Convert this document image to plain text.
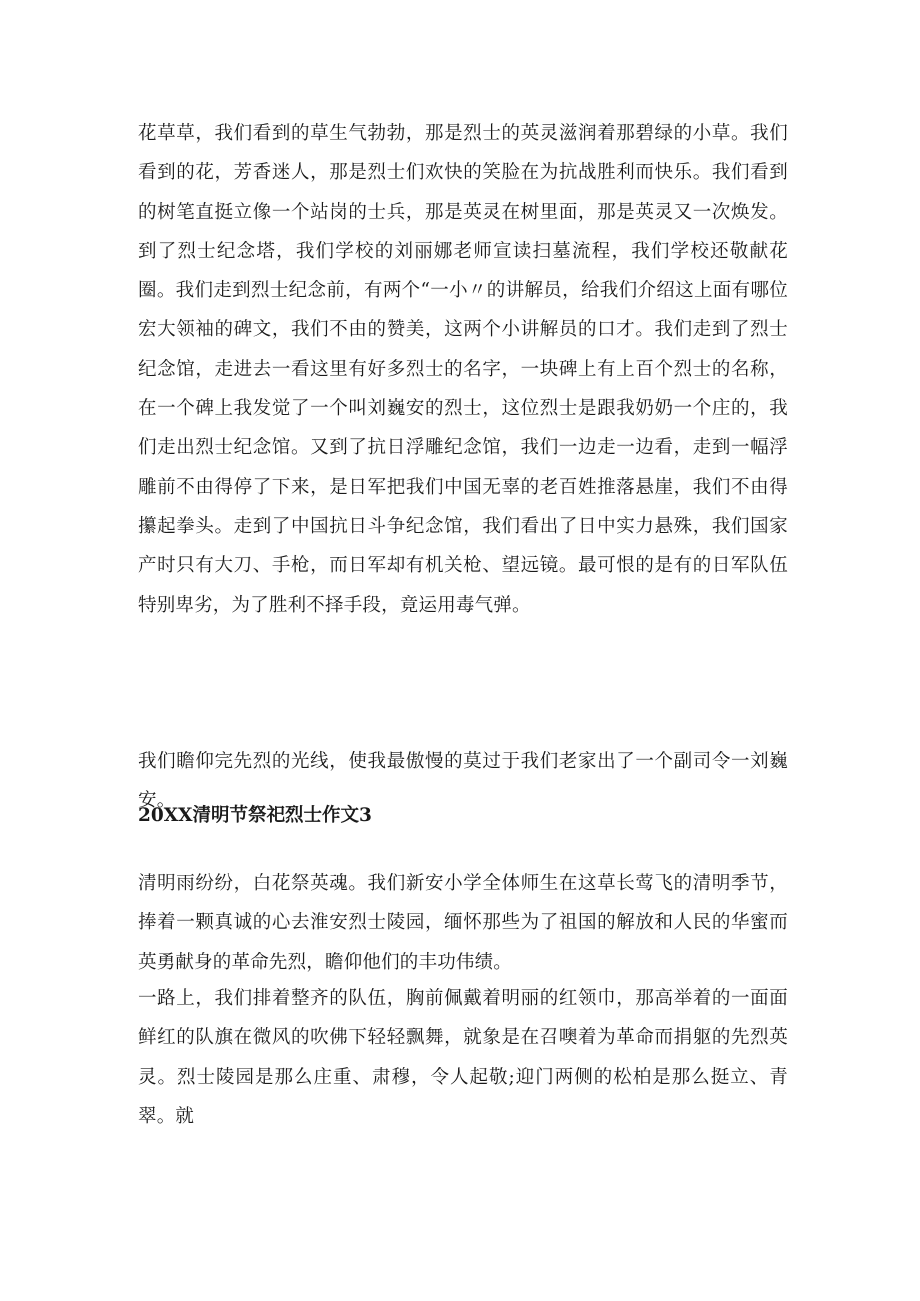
花草草，我们看到的草生气勃勃，那是烈士的英灵滋润着那碧绿的小草。我们看到的花，芳香迷人，那是烈士们欢快的笑脸在为抗战胜利而快乐。我们看到的树笔直挺立像一个站岗的士兵，那是英灵在树里面，那是英灵又一次焕发。到了烈士纪念塔，我们学校的刘丽娜老师宣读扫墓流程，我们学校还敬献花圈。我们走到烈士纪念前，有两个“一小〃的讲解员，给我们介绍这上面有哪位宏大领袖的碑文，我们不由的赞美，这两个小讲解员的口才。我们走到了烈士纪念馆，走进去一看这里有好多烈士的名字，一块碑上有上百个烈士的名称，在一个碑上我发觉了一个叫刘巍安的烈士，这位烈士是跟我奶奶一个庄的，我们走出烈士纪念馆。又到了抗日浮雕纪念馆，我们一边走一边看，走到一幅浮雕前不由得停了下来，是日军把我们中国无辜的老百姓推落悬崖，我们不由得攥起拳头。走到了中国抗日斗争纪念馆，我们看出了日中实力悬殊，我们国家产时只有大刀、手枪，而日军却有机关枪、望远镜。最可恨的是有的日军队伍特别卑劣，为了胜利不择手段，竟运用毒气弹。

我们瞻仰完先烈的光线，使我最傲慢的莫过于我们老家出了一个副司令一刘巍安。

20XX清明节祭祀烈士作文3

清明雨纷纷，白花祭英魂。我们新安小学全体师生在这草长莺飞的清明季节，捧着一颗真诚的心去淮安烈士陵园，缅怀那些为了祖国的解放和人民的华蜜而英勇献身的革命先烈，瞻仰他们的丰功伟绩。

一路上，我们排着整齐的队伍，胸前佩戴着明丽的红领巾，那高举着的一面面鲜红的队旗在微风的吹佛下轻轻飘舞，就象是在召噢着为革命而捐躯的先烈英灵。烈士陵园是那么庄重、肃穆，令人起敬;迎门两侧的松柏是那么挺立、青翠。就
